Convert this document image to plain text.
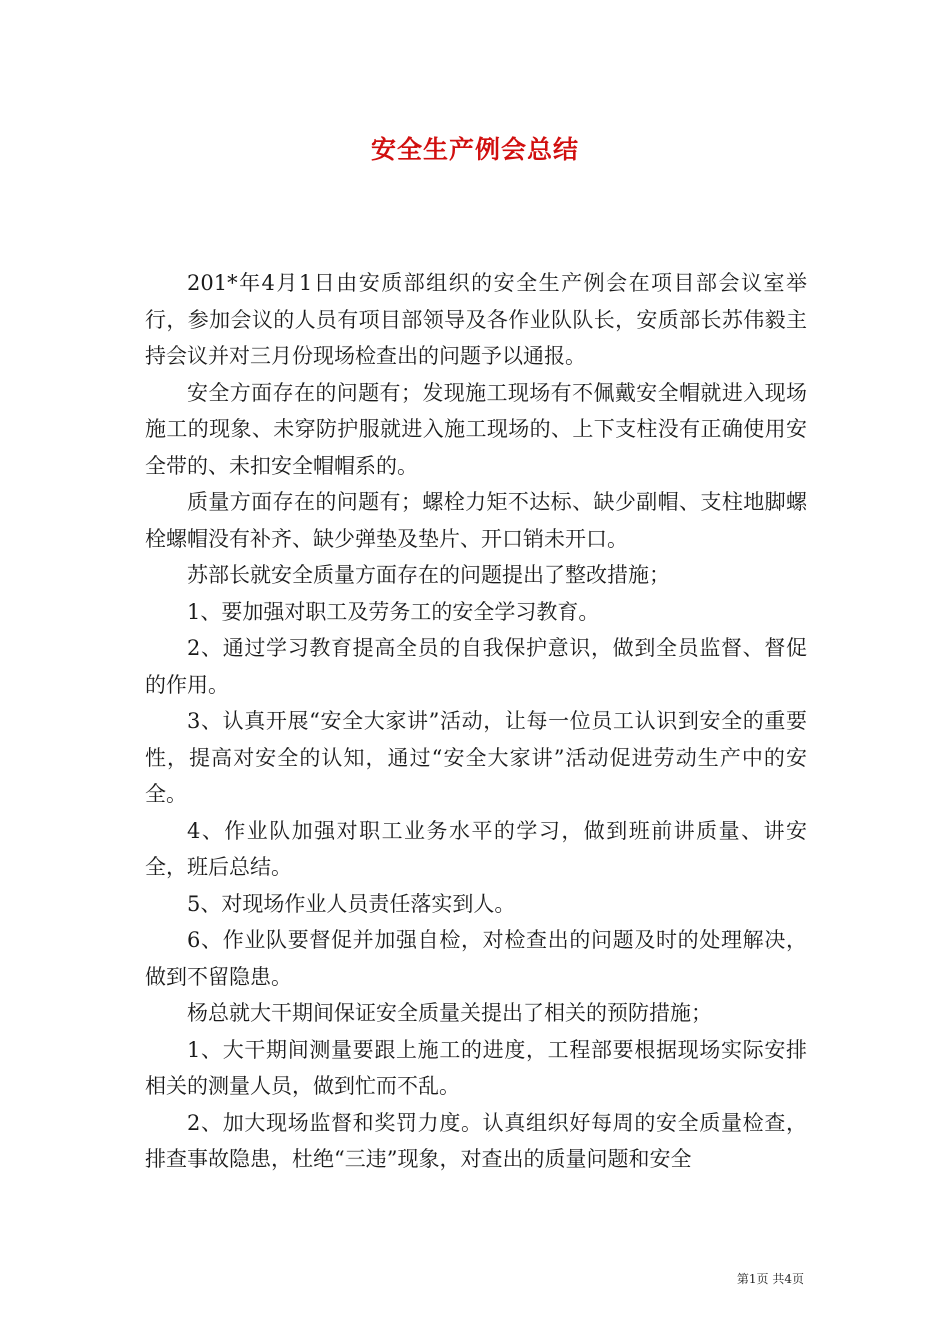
安全生产例会总结

201*年4月1日由安质部组织的安全生产例会在项目部会议室举行，参加会议的人员有项目部领导及各作业队队长，安质部长苏伟毅主持会议并对三月份现场检查出的问题予以通报。

安全方面存在的问题有；发现施工现场有不佩戴安全帽就进入现场施工的现象、未穿防护服就进入施工现场的、上下支柱没有正确使用安全带的、未扣安全帽帽系的。

质量方面存在的问题有；螺栓力矩不达标、缺少副帽、支柱地脚螺栓螺帽没有补齐、缺少弹垫及垫片、开口销未开口。

苏部长就安全质量方面存在的问题提出了整改措施；

1、要加强对职工及劳务工的安全学习教育。

2、通过学习教育提高全员的自我保护意识，做到全员监督、督促的作用。

3、认真开展“安全大家讲”活动，让每一位员工认识到安全的重要性，提高对安全的认知，通过“安全大家讲”活动促进劳动生产中的安全。

4、作业队加强对职工业务水平的学习，做到班前讲质量、讲安全，班后总结。

5、对现场作业人员责任落实到人。

6、作业队要督促并加强自检，对检查出的问题及时的处理解决，做到不留隐患。

杨总就大干期间保证安全质量关提出了相关的预防措施；

1、大干期间测量要跟上施工的进度，工程部要根据现场实际安排相关的测量人员，做到忙而不乱。

2、加大现场监督和奖罚力度。认真组织好每周的安全质量检查，排查事故隐患，杜绝“三违”现象，对查出的质量问题和安全

第1页 共4页
